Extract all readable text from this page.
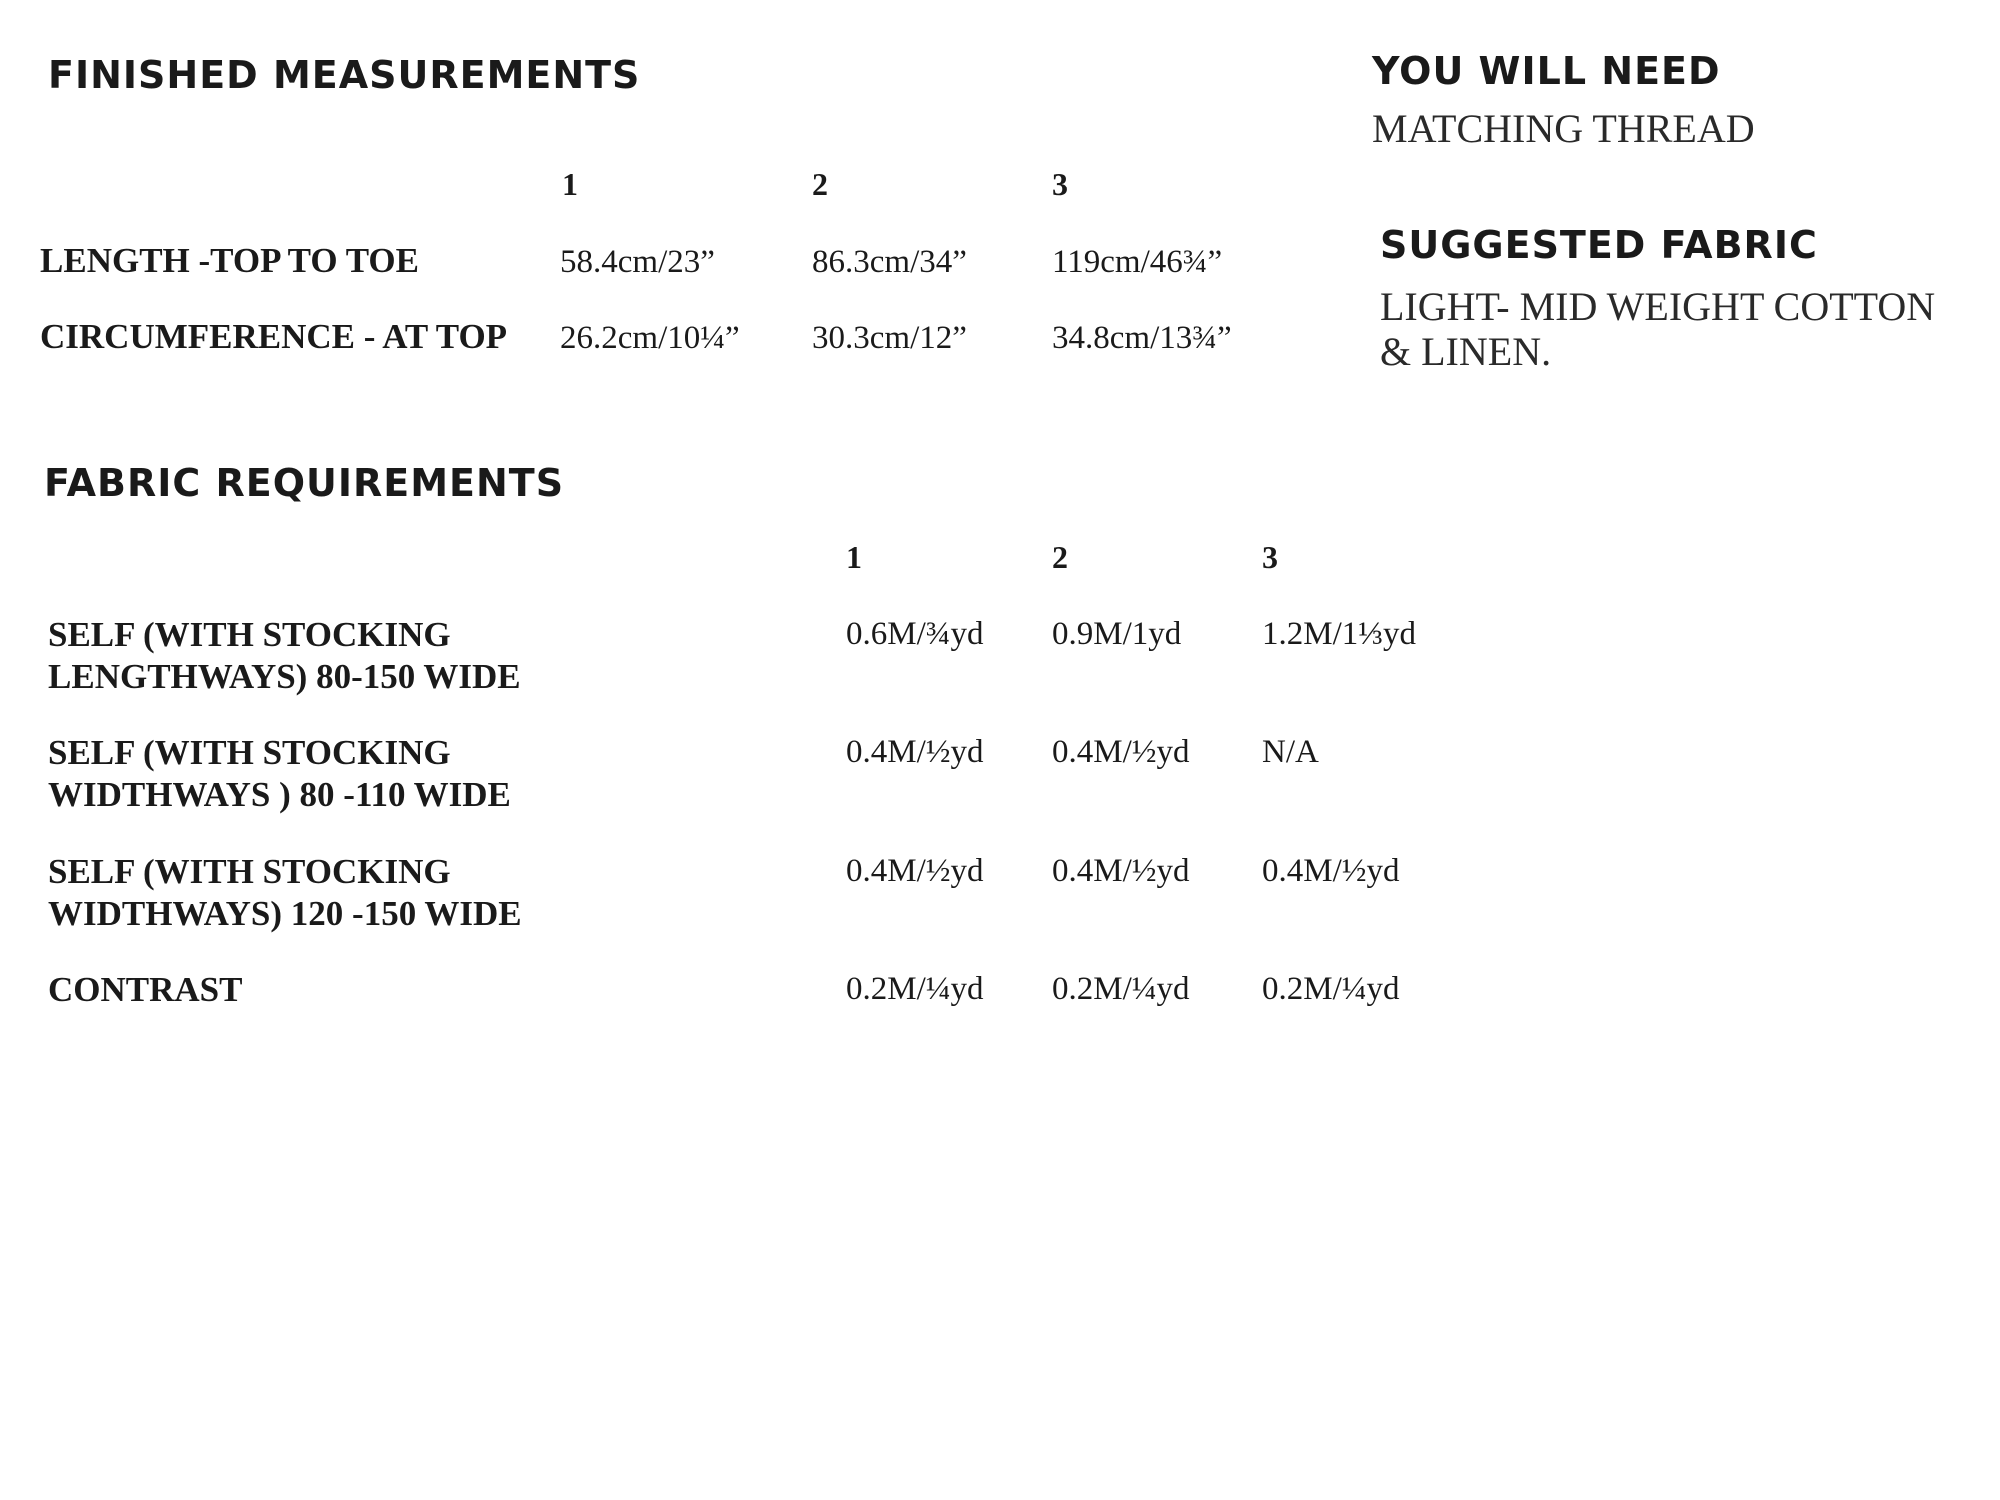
FINISHED MEASUREMENTS
1	2	3
LENGTH -TOP TO TOE	58.4cm/23”	86.3cm/34”	119cm/46¾”
CIRCUMFERENCE - AT TOP 26.2cm/10¼” 30.3cm/12”	34.8cm/13¾”
YOU WILL NEED
MATCHING THREAD
SUGGESTED FABRIC
LIGHT- MID WEIGHT COTTON
& LINEN.
FABRIC REQUIREMENTS
1	2	3
SELF (WITH STOCKING
LENGTHWAYS) 80-150 WIDE
0.6M/¾yd 0.9M/1yd 1.2M/1⅓yd
SELF (WITH STOCKING
WIDTHWAYS ) 80 -110 WIDE
0.4M/½yd 0.4M/½yd N/A
SELF (WITH STOCKING
WIDTHWAYS) 120 -150 WIDE
0.4M/½yd 0.4M/½yd 0.4M/½yd
CONTRAST	0.2M/¼yd 0.2M/¼yd 0.2M/¼yd
